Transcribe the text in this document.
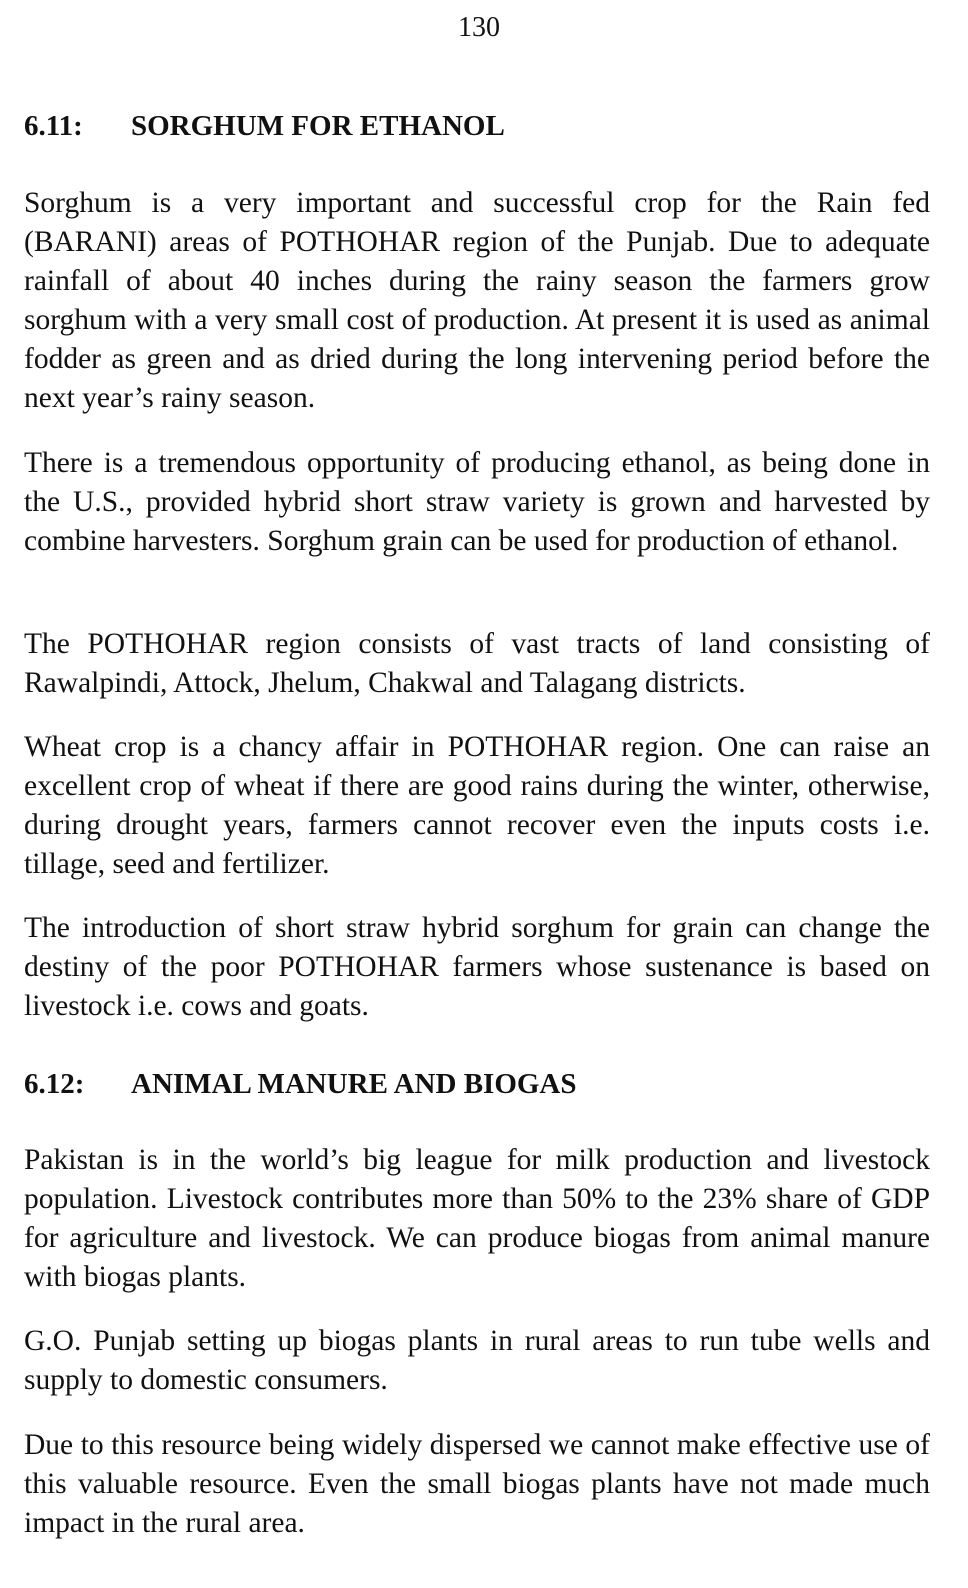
130
6.11: SORGHUM FOR ETHANOL

Sorghum is a very important and successful crop for the Rain fed (BARANI) areas of POTHOHAR region of the Punjab. Due to adequate rainfall of about 40 inches during the rainy season the farmers grow sorghum with a very small cost of production. At present it is used as animal fodder as green and as dried during the long intervening period before the next year’s rainy season.

There is a tremendous opportunity of producing ethanol, as being done in the U.S., provided hybrid short straw variety is grown and harvested by combine harvesters. Sorghum grain can be used for production of ethanol.

The POTHOHAR region consists of vast tracts of land consisting of Rawalpindi, Attock, Jhelum, Chakwal and Talagang districts.

Wheat crop is a chancy affair in POTHOHAR region. One can raise an excellent crop of wheat if there are good rains during the winter, otherwise, during drought years, farmers cannot recover even the inputs costs i.e. tillage, seed and fertilizer.

The introduction of short straw hybrid sorghum for grain can change the destiny of the poor POTHOHAR farmers whose sustenance is based on livestock i.e. cows and goats.

6.12: ANIMAL MANURE AND BIOGAS

Pakistan is in the world’s big league for milk production and livestock population. Livestock contributes more than 50% to the 23% share of GDP for agriculture and livestock. We can produce biogas from animal manure with biogas plants.

G.O. Punjab setting up biogas plants in rural areas to run tube wells and supply to domestic consumers.

Due to this resource being widely dispersed we cannot make effective use of this valuable resource. Even the small biogas plants have not made much impact in the rural area.
